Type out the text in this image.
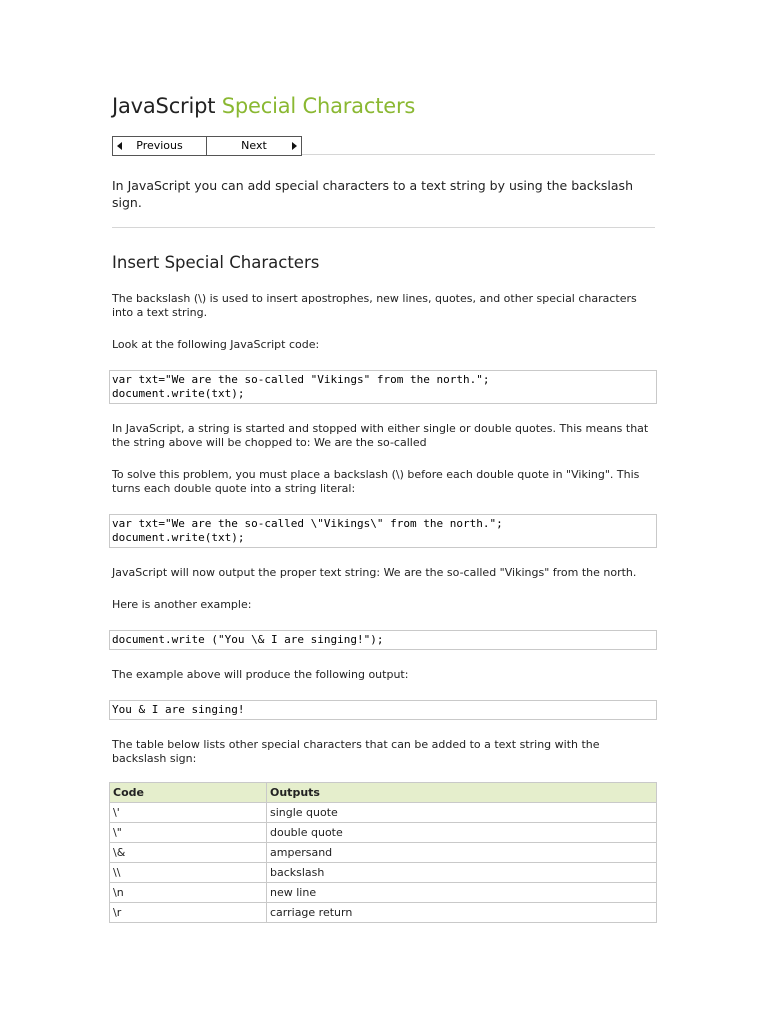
JavaScript Special Characters
Previous	Next
In JavaScript you can add special characters to a text string by using the backslash sign.
Insert Special Characters

The backslash (\) is used to insert apostrophes, new lines, quotes, and other special characters into a text string.

Look at the following JavaScript code:

var txt="We are the so-called "Vikings" from the north.";
document.write(txt);

In JavaScript, a string is started and stopped with either single or double quotes. This means that the string above will be chopped to: We are the so-called

To solve this problem, you must place a backslash (\) before each double quote in "Viking". This turns each double quote into a string literal:

var txt="We are the so-called \"Vikings\" from the north.";
document.write(txt);

JavaScript will now output the proper text string: We are the so-called "Vikings" from the north.

Here is another example:

document.write ("You \& I are singing!");

The example above will produce the following output:

You & I are singing!

The table below lists other special characters that can be added to a text string with the backslash sign:

Code	Outputs
\'	single quote
\"	double quote
\&	ampersand
\\	backslash
\n	new line
\r	carriage return
